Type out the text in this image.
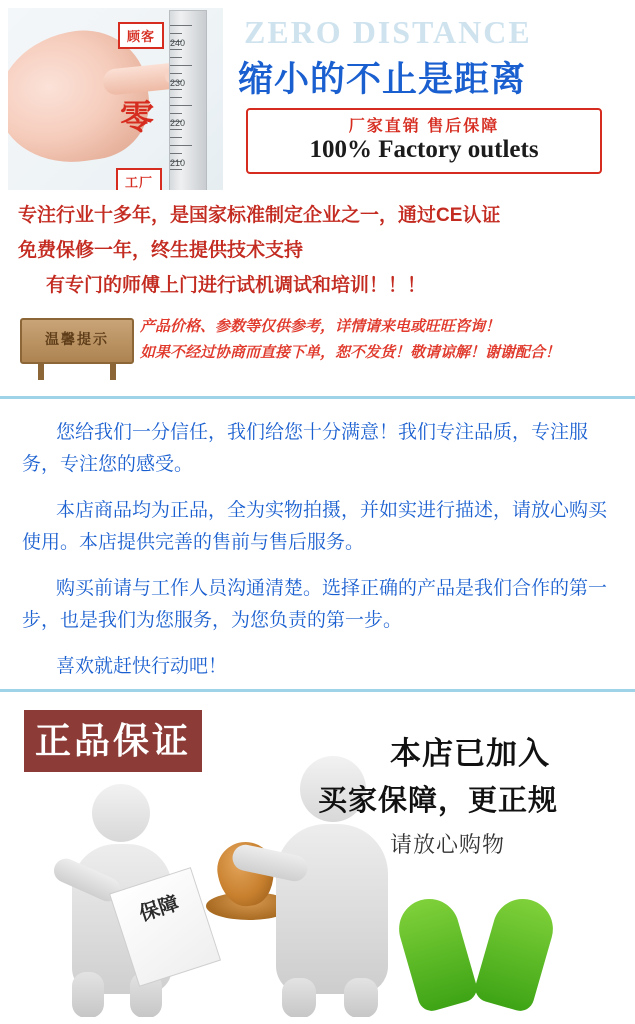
240
230
220
210
顾客
零
工厂
ZERO DISTANCE
缩小的不止是距离
厂家直销 售后保障
100% Factory outlets
专注行业十多年，是国家标准制定企业之一，通过CE认证
免费保修一年，终生提供技术支持
有专门的师傅上门进行试机调试和培训！！！
温馨提示
产品价格、参数等仅供参考，详情请来电或旺旺咨询！
如果不经过协商而直接下单，恕不发货！敬请谅解！谢谢配合！

您给我们一分信任，我们给您十分满意！我们专注品质，专注服务，专注您的感受。

本店商品均为正品，全为实物拍摄，并如实进行描述，请放心购买使用。本店提供完善的售前与售后服务。

购买前请与工作人员沟通清楚。选择正确的产品是我们合作的第一步，也是我们为您服务，为您负责的第一步。

喜欢就赶快行动吧！

正品保证
保障
本店已加入
买家保障，更正规
请放心购物
